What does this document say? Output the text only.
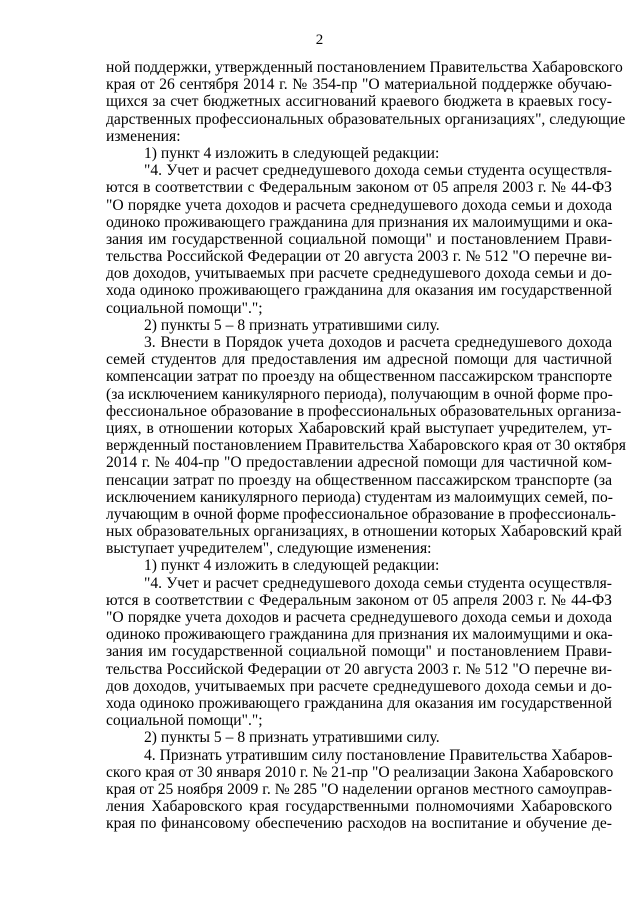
2
ной поддержки, утвержденный постановлением Правительства Хабаровского
края от 26 сентября 2014 г. № 354-пр "О материальной поддержке обучаю-
щихся за счет бюджетных ассигнований краевого бюджета в краевых госу-
дарственных профессиональных образовательных организациях", следующие
изменения:
1) пункт 4 изложить в следующей редакции:
"4. Учет и расчет среднедушевого дохода семьи студента осуществля-
ются в соответствии с Федеральным законом от 05 апреля 2003 г. № 44-ФЗ
"О порядке учета доходов и расчета среднедушевого дохода семьи и дохода
одиноко проживающего гражданина для признания их малоимущими и ока-
зания им государственной социальной помощи" и постановлением Прави-
тельства Российской Федерации от 20 августа 2003 г. № 512 "О перечне ви-
дов доходов, учитываемых при расчете среднедушевого дохода семьи и до-
хода одиноко проживающего гражданина для оказания им государственной
социальной помощи".";
2) пункты 5 – 8 признать утратившими силу.
3. Внести в Порядок учета доходов и расчета среднедушевого дохода
семей студентов для предоставления им адресной помощи для частичной
компенсации затрат по проезду на общественном пассажирском транспорте
(за исключением каникулярного периода), получающим в очной форме про-
фессиональное образование в профессиональных образовательных организа-
циях, в отношении которых Хабаровский край выступает учредителем, ут-
вержденный постановлением Правительства Хабаровского края от 30 октября
2014 г. № 404-пр "О предоставлении адресной помощи для частичной ком-
пенсации затрат по проезду на общественном пассажирском транспорте (за
исключением каникулярного периода) студентам из малоимущих семей, по-
лучающим в очной форме профессиональное образование в профессиональ-
ных образовательных организациях, в отношении которых Хабаровский край
выступает учредителем", следующие изменения:
1) пункт 4 изложить в следующей редакции:
"4. Учет и расчет среднедушевого дохода семьи студента осуществля-
ются в соответствии с Федеральным законом от 05 апреля 2003 г. № 44-ФЗ
"О порядке учета доходов и расчета среднедушевого дохода семьи и дохода
одиноко проживающего гражданина для признания их малоимущими и ока-
зания им государственной социальной помощи" и постановлением Прави-
тельства Российской Федерации от 20 августа 2003 г. № 512 "О перечне ви-
дов доходов, учитываемых при расчете среднедушевого дохода семьи и до-
хода одиноко проживающего гражданина для оказания им государственной
социальной помощи".";
2) пункты 5 – 8 признать утратившими силу.
4. Признать утратившим силу постановление Правительства Хабаров-
ского края от 30 января 2010 г. № 21-пр "О реализации Закона Хабаровского
края от 25 ноября 2009 г. № 285 "О наделении органов местного самоуправ-
ления Хабаровского края государственными полномочиями Хабаровского
края по финансовому обеспечению расходов на воспитание и обучение де-
